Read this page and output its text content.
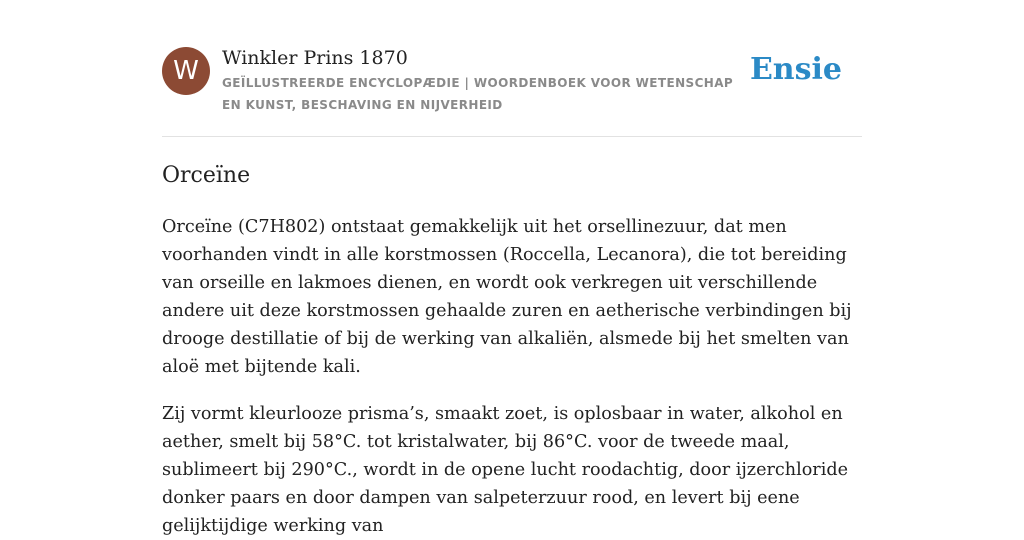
W	Winkler Prins 1870
GEÏLLUSTREERDE ENCYCLOPÆDIE | WOORDENBOEK VOOR WETENSCHAP EN KUNST, BESCHAVING EN NIJVERHEID
Ensie
Orceïne

Orceïne (C7H802) ontstaat gemakkelijk uit het orsellinezuur, dat men voorhanden vindt in alle korstmossen (Roccella, Lecanora), die tot bereiding van orseille en lakmoes dienen, en wordt ook verkregen uit verschillende andere uit deze korstmossen gehaalde zuren en aetherische verbindingen bij drooge destillatie of bij de werking van alkaliën, alsmede bij het smelten van aloë met bijtende kali.

Zij vormt kleurlooze prisma’s, smaakt zoet, is oplosbaar in water, alkohol en aether, smelt bij 58°C. tot kristalwater, bij 86°C. voor de tweede maal, sublimeert bij 290°C., wordt in de opene lucht roodachtig, door ijzerchloride donker paars en door dampen van salpeterzuur rood, en levert bij eene gelijktijdige werking van
